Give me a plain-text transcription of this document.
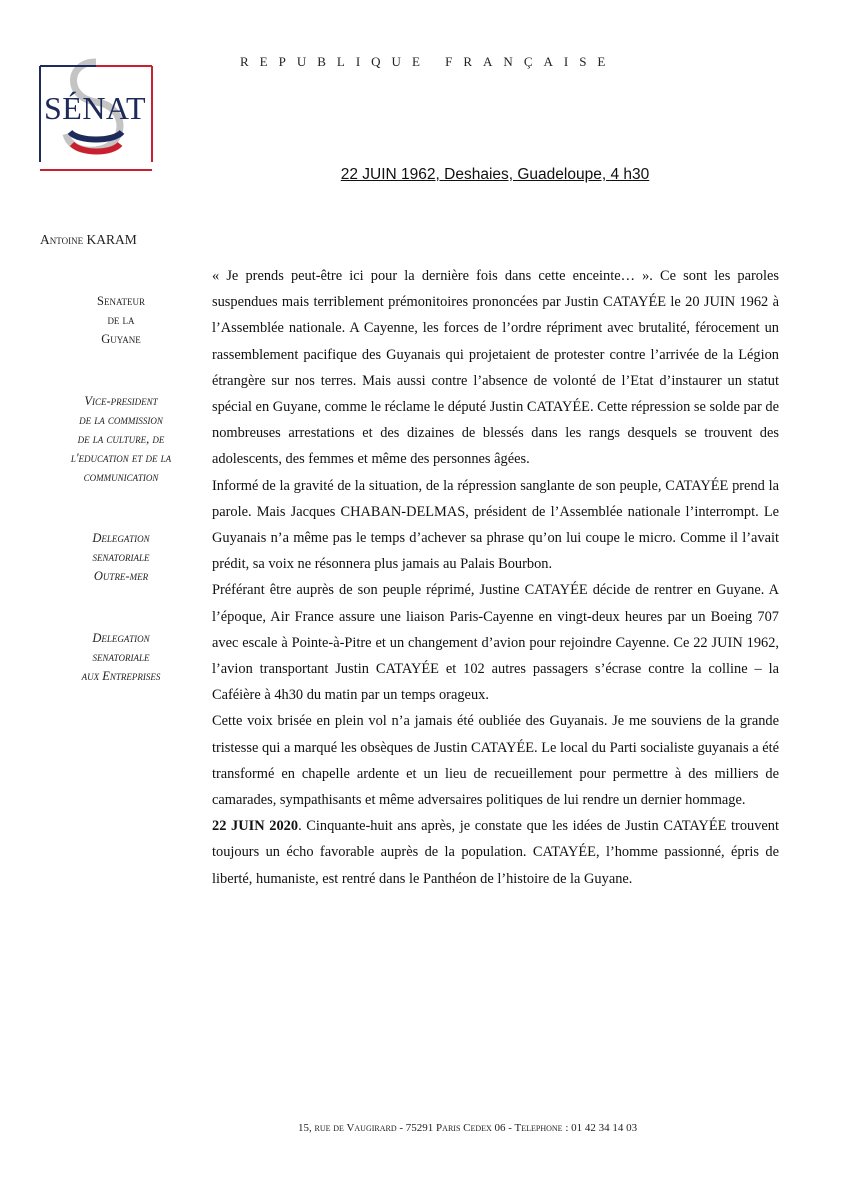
SÉNAT
REPUBLIQUE FRANÇAISE
22 JUIN 1962, Deshaies, Guadeloupe, 4 h30
Antoine KARAM
Senateur
de la
Guyane
Vice-president
de la commission
de la culture, de
l'education et de la
communication
Delegation
senatoriale
Outre-mer
Delegation
senatoriale
aux Entreprises

« Je prends peut-être ici pour la dernière fois dans cette enceinte… ». Ce sont les paroles suspendues mais terriblement prémonitoires prononcées par Justin CATAYÉE le 20 JUIN 1962 à l’Assemblée nationale. A Cayenne, les forces de l’ordre répriment avec brutalité, férocement un rassemblement pacifique des Guyanais qui projetaient de protester contre l’arrivée de la Légion étrangère sur nos terres. Mais aussi contre l’absence de volonté de l’Etat d’instaurer un statut spécial en Guyane, comme le réclame le député Justin CATAYÉE. Cette répression se solde par de nombreuses arrestations et des dizaines de blessés dans les rangs desquels se trouvent des adolescents, des femmes et même des personnes âgées.

Informé de la gravité de la situation, de la répression sanglante de son peuple, CATAYÉE prend la parole. Mais Jacques CHABAN-DELMAS, président de l’Assemblée nationale l’interrompt. Le Guyanais n’a même pas le temps d’achever sa phrase qu’on lui coupe le micro. Comme il l’avait prédit, sa voix ne résonnera plus jamais au Palais Bourbon.

Préférant être auprès de son peuple réprimé, Justine CATAYÉE décide de rentrer en Guyane. A l’époque, Air France assure une liaison Paris-Cayenne en vingt-deux heures par un Boeing 707 avec escale à Pointe-à-Pitre et un changement d’avion pour rejoindre Cayenne. Ce 22 JUIN 1962, l’avion transportant Justin CATAYÉE et 102 autres passagers s’écrase contre la colline – la Caféière à 4h30 du matin par un temps orageux.

Cette voix brisée en plein vol n’a jamais été oubliée des Guyanais. Je me souviens de la grande tristesse qui a marqué les obsèques de Justin CATAYÉE. Le local du Parti socialiste guyanais a été transformé en chapelle ardente et un lieu de recueillement pour permettre à des milliers de camarades, sympathisants et même adversaires politiques de lui rendre un dernier hommage.

22 JUIN 2020. Cinquante-huit ans après, je constate que les idées de Justin CATAYÉE trouvent toujours un écho favorable auprès de la population. CATAYÉE, l’homme passionné, épris de liberté, humaniste, est rentré dans le Panthéon de l’histoire de la Guyane.

15, rue de Vaugirard - 75291 Paris Cedex 06 - Telephone : 01 42 34 14 03
